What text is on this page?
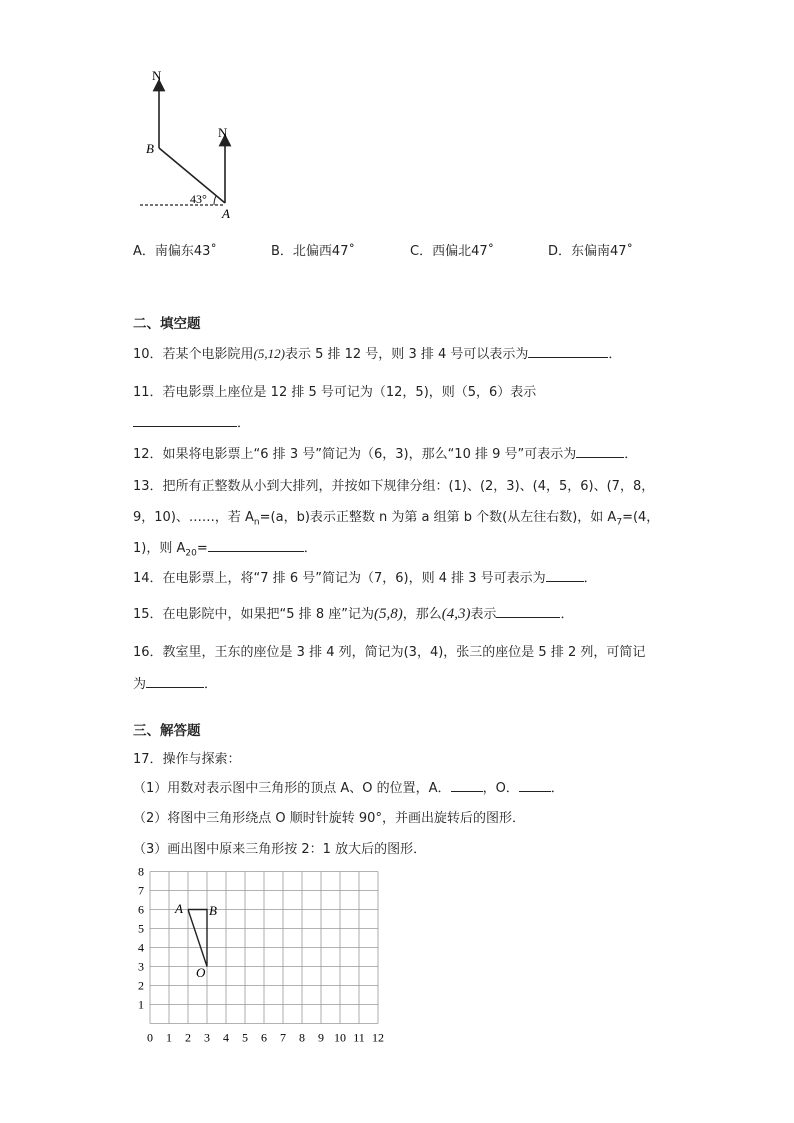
N
N
B
A
43°
A．南偏东43˚	B．北偏西47˚	C．西偏北47˚	D．东偏南47˚
二、填空题
10．若某个电影院用(5,12)表示 5 排 12 号，则 3 排 4 号可以表示为	．
11．若电影票上座位是 12 排 5 号可记为（12，5)，则（5，6）表示
．
12．如果将电影票上“6 排 3 号”简记为（6，3)，那么“10 排 9 号”可表示为	．
13．把所有正整数从小到大排列，并按如下规律分组：(1)、(2，3)、(4，5，6)、(7，8，
9，10)、……，若 $A_n=(a$，b)表示正整数 n 为第 a 组第 b 个数(从左往右数)，如 $A_7=(4$，
1)，则 $A_{20}=$	．
14．在电影票上，将“7 排 6 号”简记为（7，6)，则 4 排 3 号可表示为	．
15．在电影院中，如果把“5 排 8 座”记为(5,8)，那么(4,3)表示	．
16．教室里，王东的座位是 3 排 4 列，简记为(3，4)，张三的座位是 5 排 2 列，可简记
为	．
三、解答题
17．操作与探索：
（1）用数对表示图中三角形的顶点 A、O 的位置，A． ，O． ．
（2）将图中三角形绕点 O 顺时针旋转 90°，并画出旋转后的图形．
（3）画出图中原来三角形按 2：1 放大后的图形．
0 1 2 3 4 5 6 7 8 9 10 11 12
1
2
3
4
5
6
7
8
A B
O
